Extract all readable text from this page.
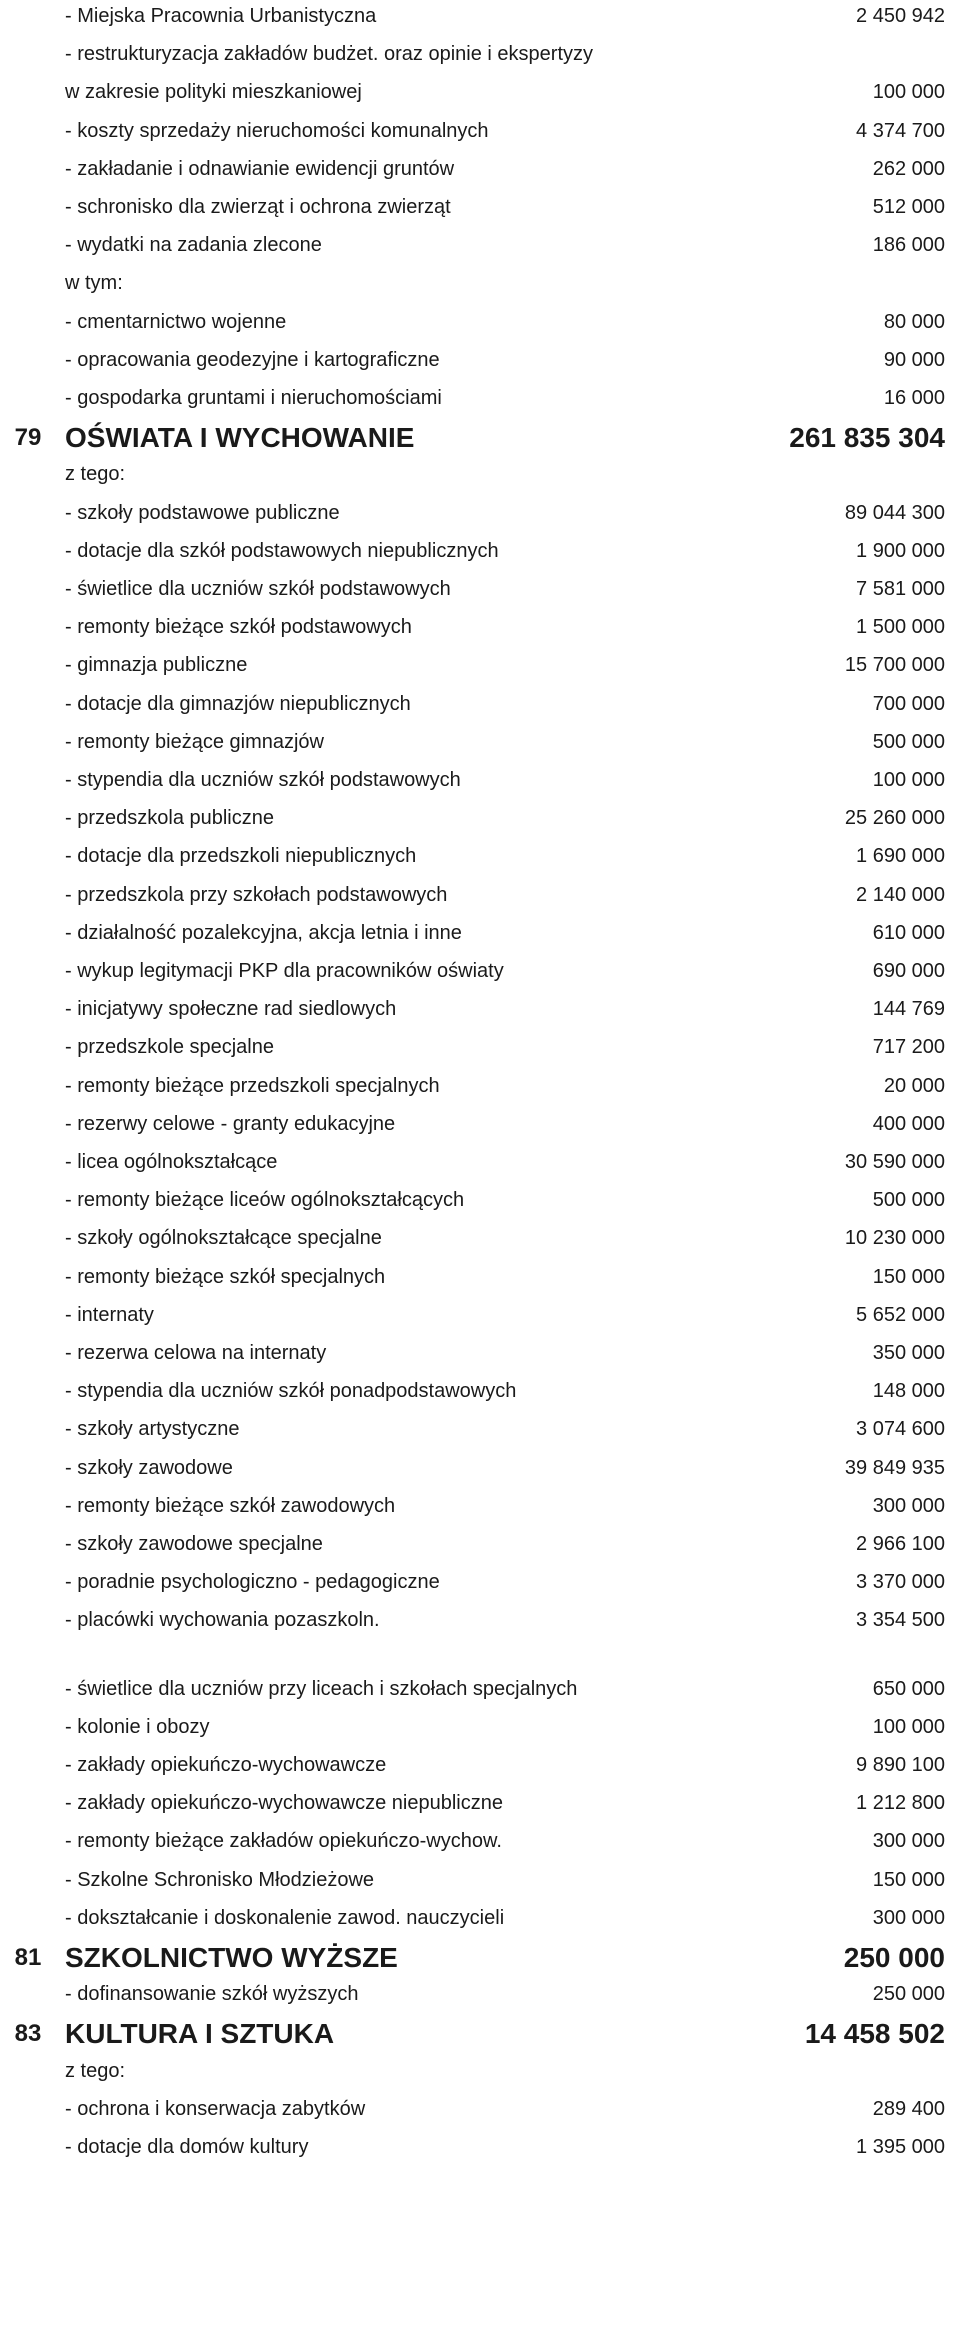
- Miejska Pracownia Urbanistyczna	2 450 942
- restrukturyzacja zakładów budżet. oraz opinie i ekspertyzy
w zakresie polityki mieszkaniowej	100 000
- koszty sprzedaży nieruchomości komunalnych	4 374 700
- zakładanie i odnawianie ewidencji gruntów	262 000
- schronisko dla zwierząt i ochrona zwierząt	512 000
- wydatki na zadania zlecone	186 000
w tym:
- cmentarnictwo wojenne	80 000
- opracowania geodezyjne i kartograficzne	90 000
- gospodarka gruntami i nieruchomościami	16 000
79 OŚWIATA I WYCHOWANIE	261 835 304
z tego:
- szkoły podstawowe publiczne	89 044 300
- dotacje dla szkół podstawowych niepublicznych	1 900 000
- świetlice dla uczniów szkół podstawowych	7 581 000
- remonty bieżące szkół podstawowych	1 500 000
- gimnazja publiczne	15 700 000
- dotacje dla gimnazjów niepublicznych	700 000
- remonty bieżące gimnazjów	500 000
- stypendia dla uczniów szkół podstawowych	100 000
- przedszkola publiczne	25 260 000
- dotacje dla przedszkoli niepublicznych	1 690 000
- przedszkola przy szkołach podstawowych	2 140 000
- działalność pozalekcyjna, akcja letnia i inne	610 000
- wykup legitymacji PKP dla pracowników oświaty	690 000
- inicjatywy społeczne rad siedlowych	144 769
- przedszkole specjalne	717 200
- remonty bieżące przedszkoli specjalnych	20 000
- rezerwy celowe - granty edukacyjne	400 000
- licea ogólnokształcące	30 590 000
- remonty bieżące liceów ogólnokształcących	500 000
- szkoły ogólnokształcące specjalne	10 230 000
- remonty bieżące szkół specjalnych	150 000
- internaty	5 652 000
- rezerwa celowa na internaty	350 000
- stypendia dla uczniów szkół ponadpodstawowych	148 000
- szkoły artystyczne	3 074 600
- szkoły zawodowe	39 849 935
- remonty bieżące szkół zawodowych	300 000
- szkoły zawodowe specjalne	2 966 100
- poradnie psychologiczno - pedagogiczne	3 370 000
- placówki wychowania pozaszkoln.	3 354 500
- świetlice dla uczniów przy liceach i szkołach specjalnych	650 000
- kolonie i obozy	100 000
- zakłady opiekuńczo-wychowawcze	9 890 100
- zakłady opiekuńczo-wychowawcze niepubliczne	1 212 800
- remonty bieżące zakładów opiekuńczo-wychow.	300 000
- Szkolne Schronisko Młodzieżowe	150 000
- dokształcanie i doskonalenie zawod. nauczycieli	300 000
81 SZKOLNICTWO WYŻSZE	250 000
- dofinansowanie szkół wyższych	250 000
83 KULTURA I SZTUKA	14 458 502
z tego:
- ochrona i konserwacja zabytków	289 400
- dotacje dla domów kultury	1 395 000
